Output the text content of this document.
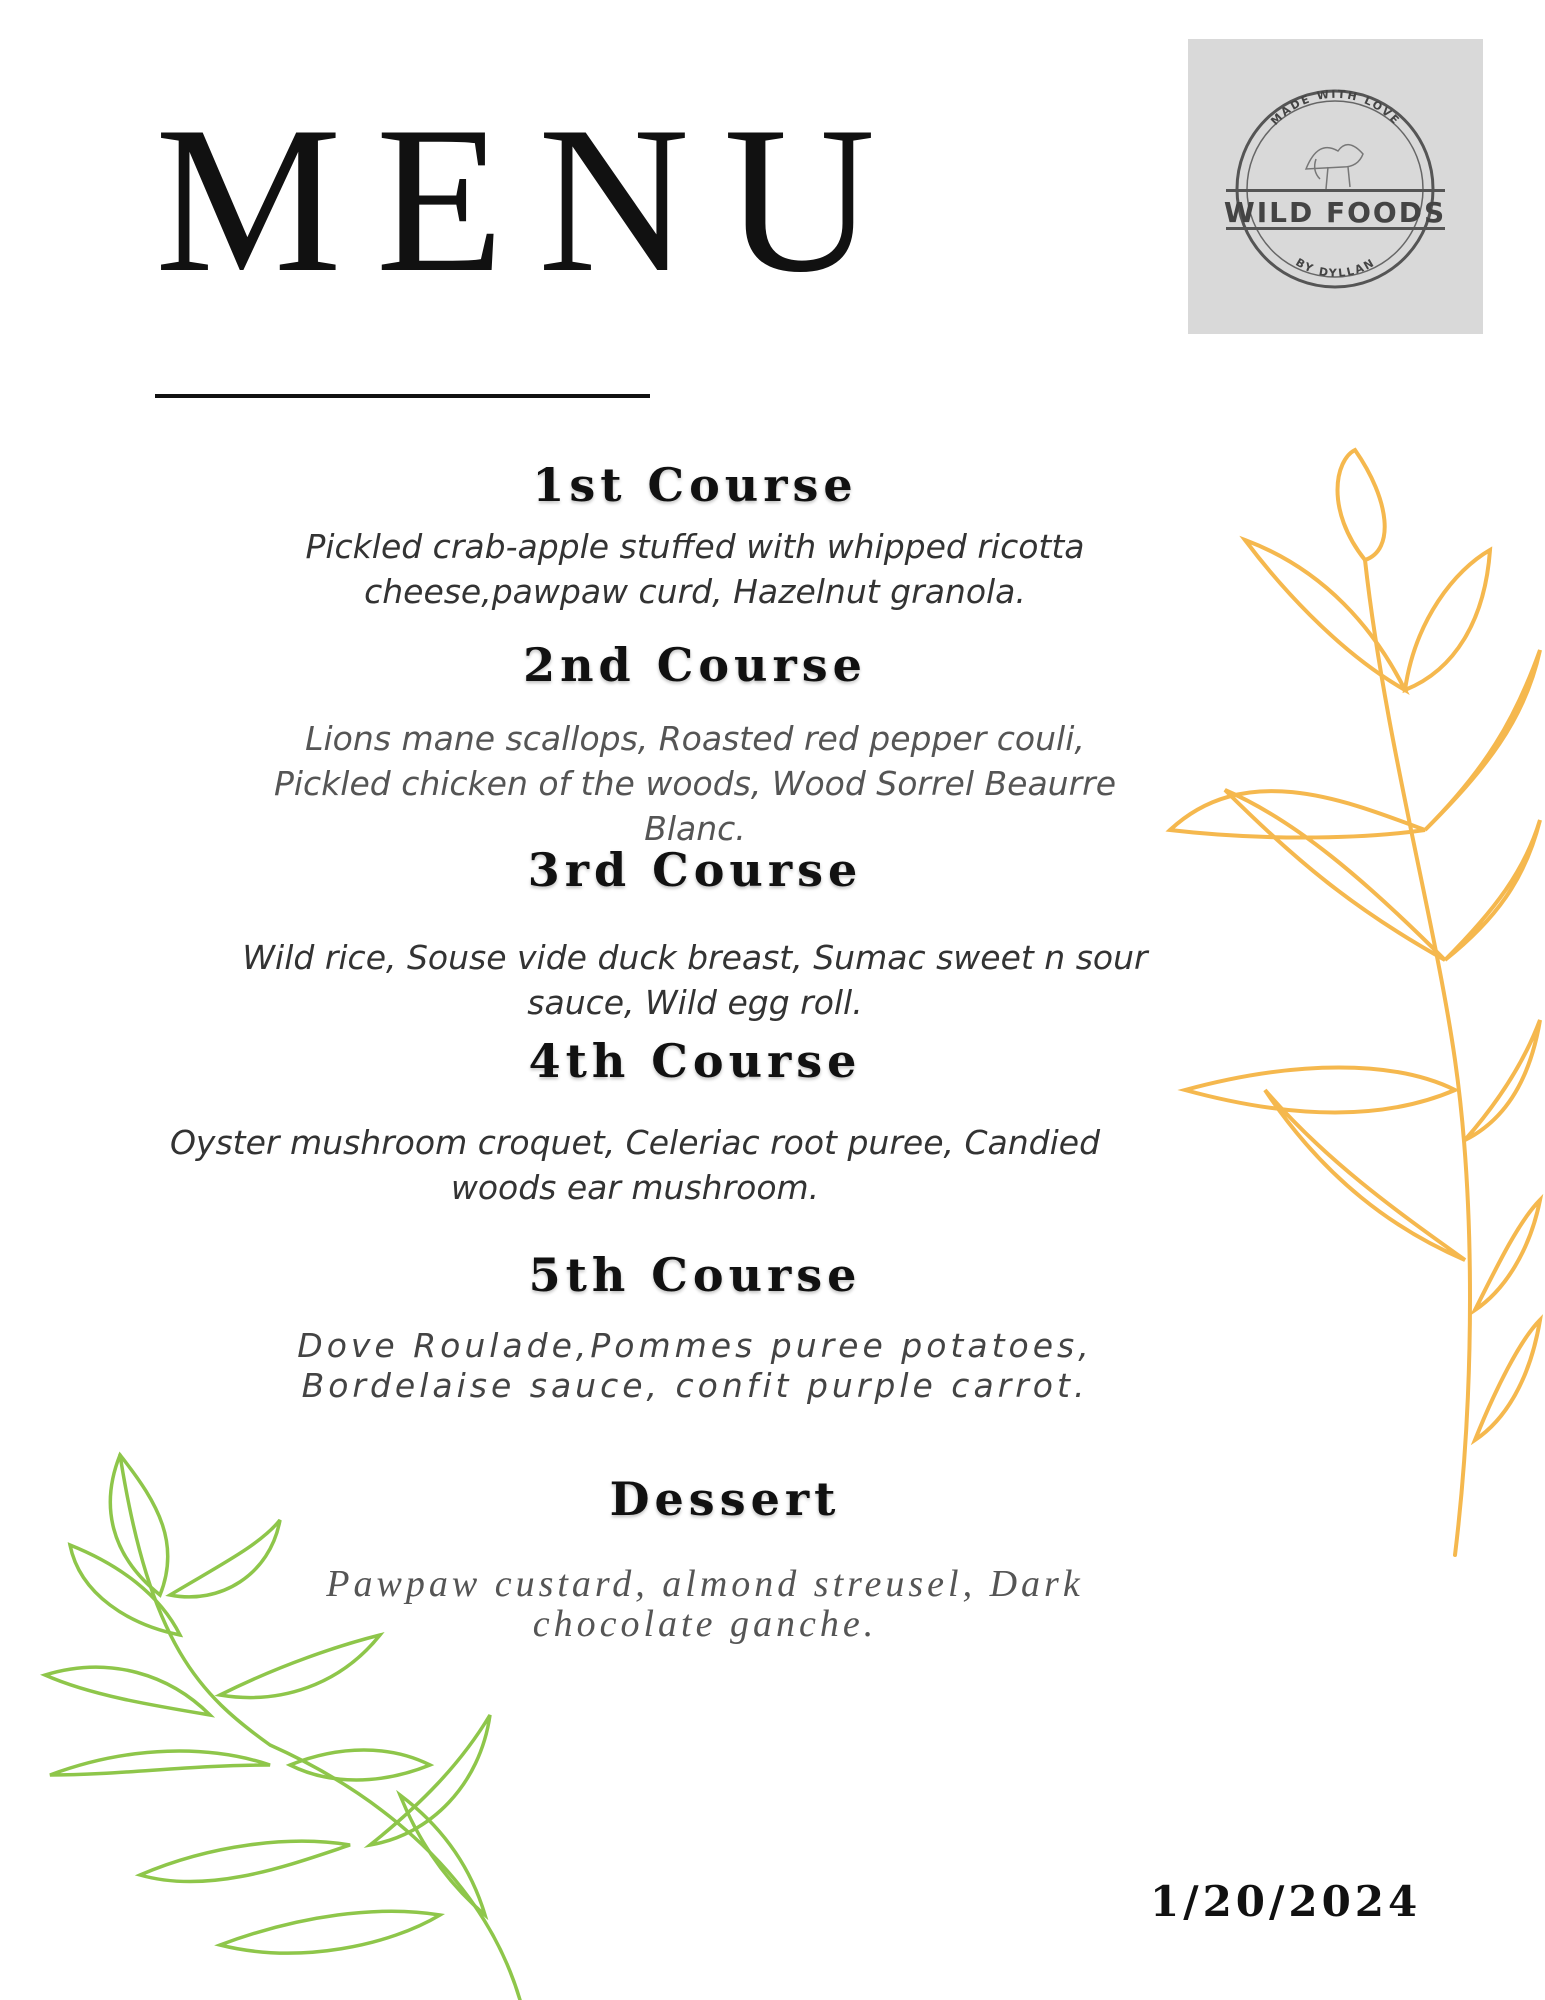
MENU	MADE WITH LOVE
WILD FOODS
BY DYLLAN
1st Course

Pickled crab-apple stuffed with whipped ricotta cheese,pawpaw curd, Hazelnut granola.

2nd Course

Lions mane scallops, Roasted red pepper couli, Pickled chicken of the woods, Wood Sorrel Beaurre Blanc.

3rd Course

Wild rice, Souse vide duck breast, Sumac sweet n sour sauce, Wild egg roll.

4th Course

Oyster mushroom croquet, Celeriac root puree, Candied woods ear mushroom.

5th Course

Dove Roulade,Pommes puree potatoes, Bordelaise sauce, confit purple carrot.

Dessert

Pawpaw custard, almond streusel, Dark chocolate ganche.

1/20/2024
